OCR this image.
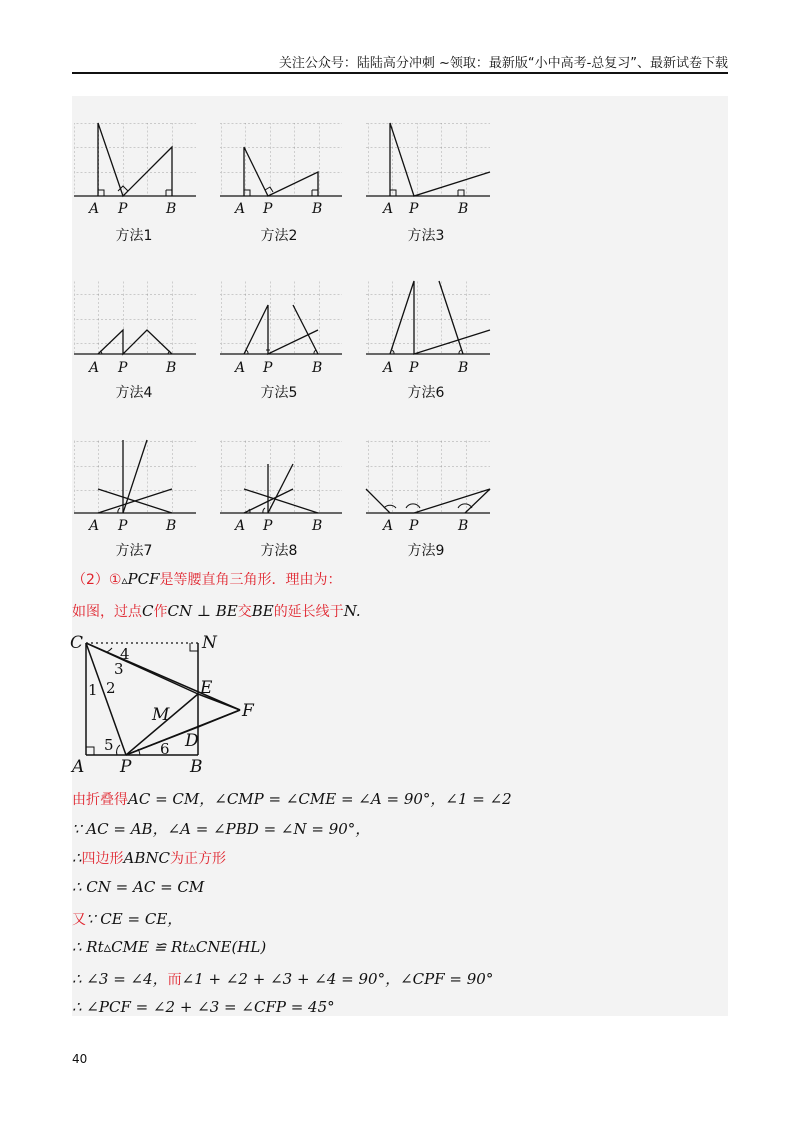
关注公众号：陆陆高分冲刺 ~领取：最新版“小中高考-总复习”、最新试卷下载
A P	B	A P	B	A P	B
A P	B	A P	B	A P	B
A P	B	A P	B	A P	B
方法1	方法2	方法3
方法4	方法5	方法6
方法7	方法8	方法9
（2）①▵PCF是等腰直角三角形．理由为：
如图，过点C作CN ⊥ BE交BE的延长线于N.
C	N
E
F
M
A P	B
D
1 2
3
4
5	6
由折叠得AC = CM，∠CMP = ∠CME = ∠A = 90°，∠1 = ∠2
∵ AC = AB，∠A = ∠PBD = ∠N = 90°，
∴四边形ABNC为正方形
∴ CN = AC = CM
又∵ CE = CE，
∴ Rt▵CME ≌ Rt▵CNE(HL)
∴ ∠3 = ∠4，而∠1 + ∠2 + ∠3 + ∠4 = 90°，∠CPF = 90°
∴ ∠PCF = ∠2 + ∠3 = ∠CFP = 45°
40
